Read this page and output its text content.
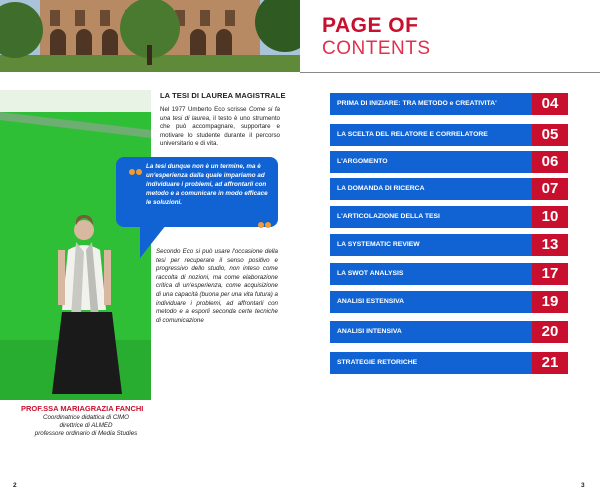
LA TESI DI LAUREA MAGISTRALE
Nel 1977 Umberto Eco scrisse Come si fa una tesi di laurea, il testo è uno strumento che può accompagnare, supportare e motivare lo studente durante il percorso universitario e di vita.
La tesi dunque non è un termine, ma è un'esperienza dalla quale impariamo ad individuare i problemi, ad affrontarli con metodo e a comunicare in modo efficace le soluzioni.
Secondo Eco si può usare l'occasione della tesi per recuperare il senso positivo e progressivo dello studio, non inteso come raccolta di nozioni, ma come elaborazione critica di un'esperienza, come acquisizione di una capacità (buona per una vita futura) a individuare i problemi, ad affrontarli con metodo e a esporli seconda certe tecniche di comunicazione
PROF.SSA MARIAGRAZIA FANCHI
Coordinatrice didattica di CIMO
direttrice di ALMED
professore ordinario di Media Studies
2
PAGE OF
CONTENTS
PRIMA DI INIZIARE: TRA METODO e CREATIVITA'	04
LA SCELTA DEL RELATORE E CORRELATORE	05
L'ARGOMENTO	06
LA DOMANDA DI RICERCA	07
L'ARTICOLAZIONE DELLA TESI	10
LA SYSTEMATIC REVIEW	13
LA SWOT ANALYSIS	17
ANALISI ESTENSIVA	19
ANALISI INTENSIVA	20
STRATEGIE RETORICHE	21
3
